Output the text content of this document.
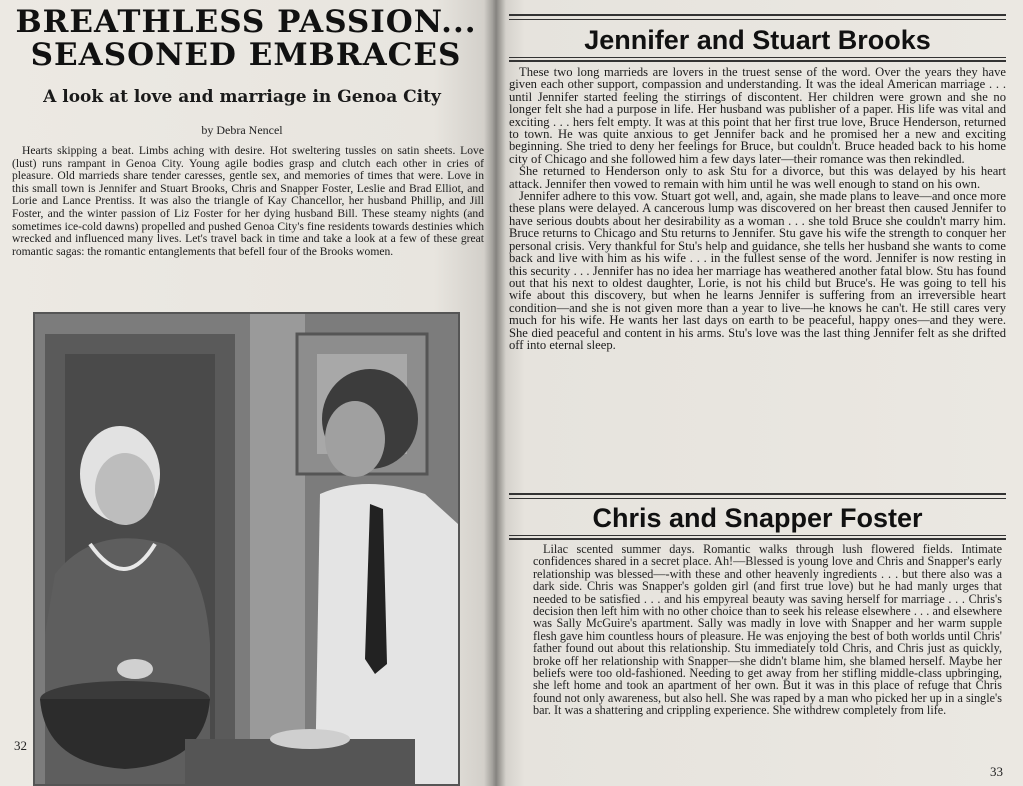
BREATHLESS PASSION...
SEASONED EMBRACES
A look at love and marriage in Genoa City
by Debra Nencel

Hearts skipping a beat. Limbs aching with desire. Hot sweltering tussles on satin sheets. Love (lust) runs rampant in Genoa City. Young agile bodies grasp and clutch each other in cries of pleasure. Old marrieds share tender caresses, gentle sex, and memories of times that were. Love in this small town is Jennifer and Stuart Brooks, Chris and Snapper Foster, Leslie and Brad Elliot, and Lorie and Lance Prentiss. It was also the triangle of Kay Chancellor, her husband Phillip, and Jill Foster, and the winter passion of Liz Foster for her dying husband Bill. These steamy nights (and sometimes ice-cold dawns) propelled and pushed Genoa City's fine residents towards destinies which wrecked and influenced many lives. Let's travel back in time and take a look at a few of these great romantic sagas: the romantic entanglements that befell four of the Brooks women.

32
Jennifer and Stuart Brooks

These two long marrieds are lovers in the truest sense of the word. Over the years they have given each other support, compassion and understanding. It was the ideal American marriage . . . until Jennifer started feeling the stirrings of discontent. Her children were grown and she no longer felt she had a purpose in life. Her husband was publisher of a paper. His life was vital and exciting . . . hers felt empty. It was at this point that her first true love, Bruce Henderson, returned to town. He was quite anxious to get Jennifer back and he promised her a new and exciting beginning. She tried to deny her feelings for Bruce, but couldn't. Bruce headed back to his home city of Chicago and she followed him a few days later—their romance was then rekindled.

She returned to Henderson only to ask Stu for a divorce, but this was delayed by his heart attack. Jennifer then vowed to remain with him until he was well enough to stand on his own.

Jennifer adhere to this vow. Stuart got well, and, again, she made plans to leave—and once more these plans were delayed. A cancerous lump was discovered on her breast then caused Jennifer to have serious doubts about her desirability as a woman . . . she told Bruce she couldn't marry him. Bruce returns to Chicago and Stu returns to Jennifer. Stu gave his wife the strength to conquer her personal crisis. Very thankful for Stu's help and guidance, she tells her husband she wants to come back and live with him as his wife . . . in the fullest sense of the word. Jennifer is now resting in this security . . . Jennifer has no idea her marriage has weathered another fatal blow. Stu has found out that his next to oldest daughter, Lorie, is not his child but Bruce's. He was going to tell his wife about this discovery, but when he learns Jennifer is suffering from an irreversible heart condition—and she is not given more than a year to live—he knows he can't. He still cares very much for his wife. He wants her last days on earth to be peaceful, happy ones—and they were. She died peaceful and content in his arms. Stu's love was the last thing Jennifer felt as she drifted off into eternal sleep.

Chris and Snapper Foster

Lilac scented summer days. Romantic walks through lush flowered fields. Intimate confidences shared in a secret place. Ah!—Blessed is young love and Chris and Snapper's early relationship was blessed—-with these and other heavenly ingredients . . . but there also was a dark side. Chris was Snapper's golden girl (and first true love) but he had manly urges that needed to be satisfied . . . and his empyreal beauty was saving herself for marriage . . . Chris's decision then left him with no other choice than to seek his release elsewhere . . . and elsewhere was Sally McGuire's apartment. Sally was madly in love with Snapper and her warm supple flesh gave him countless hours of pleasure. He was enjoying the best of both worlds until Chris' father found out about this relationship. Stu immediately told Chris, and Chris just as quickly, broke off her relationship with Snapper—she didn't blame him, she blamed herself. Maybe her beliefs were too old-fashioned. Needing to get away from her stifling middle-class upbringing, she left home and took an apartment of her own. But it was in this place of refuge that Chris found not only awareness, but also hell. She was raped by a man who picked her up in a single's bar. It was a shattering and crippling experience. She withdrew completely from life.

33
